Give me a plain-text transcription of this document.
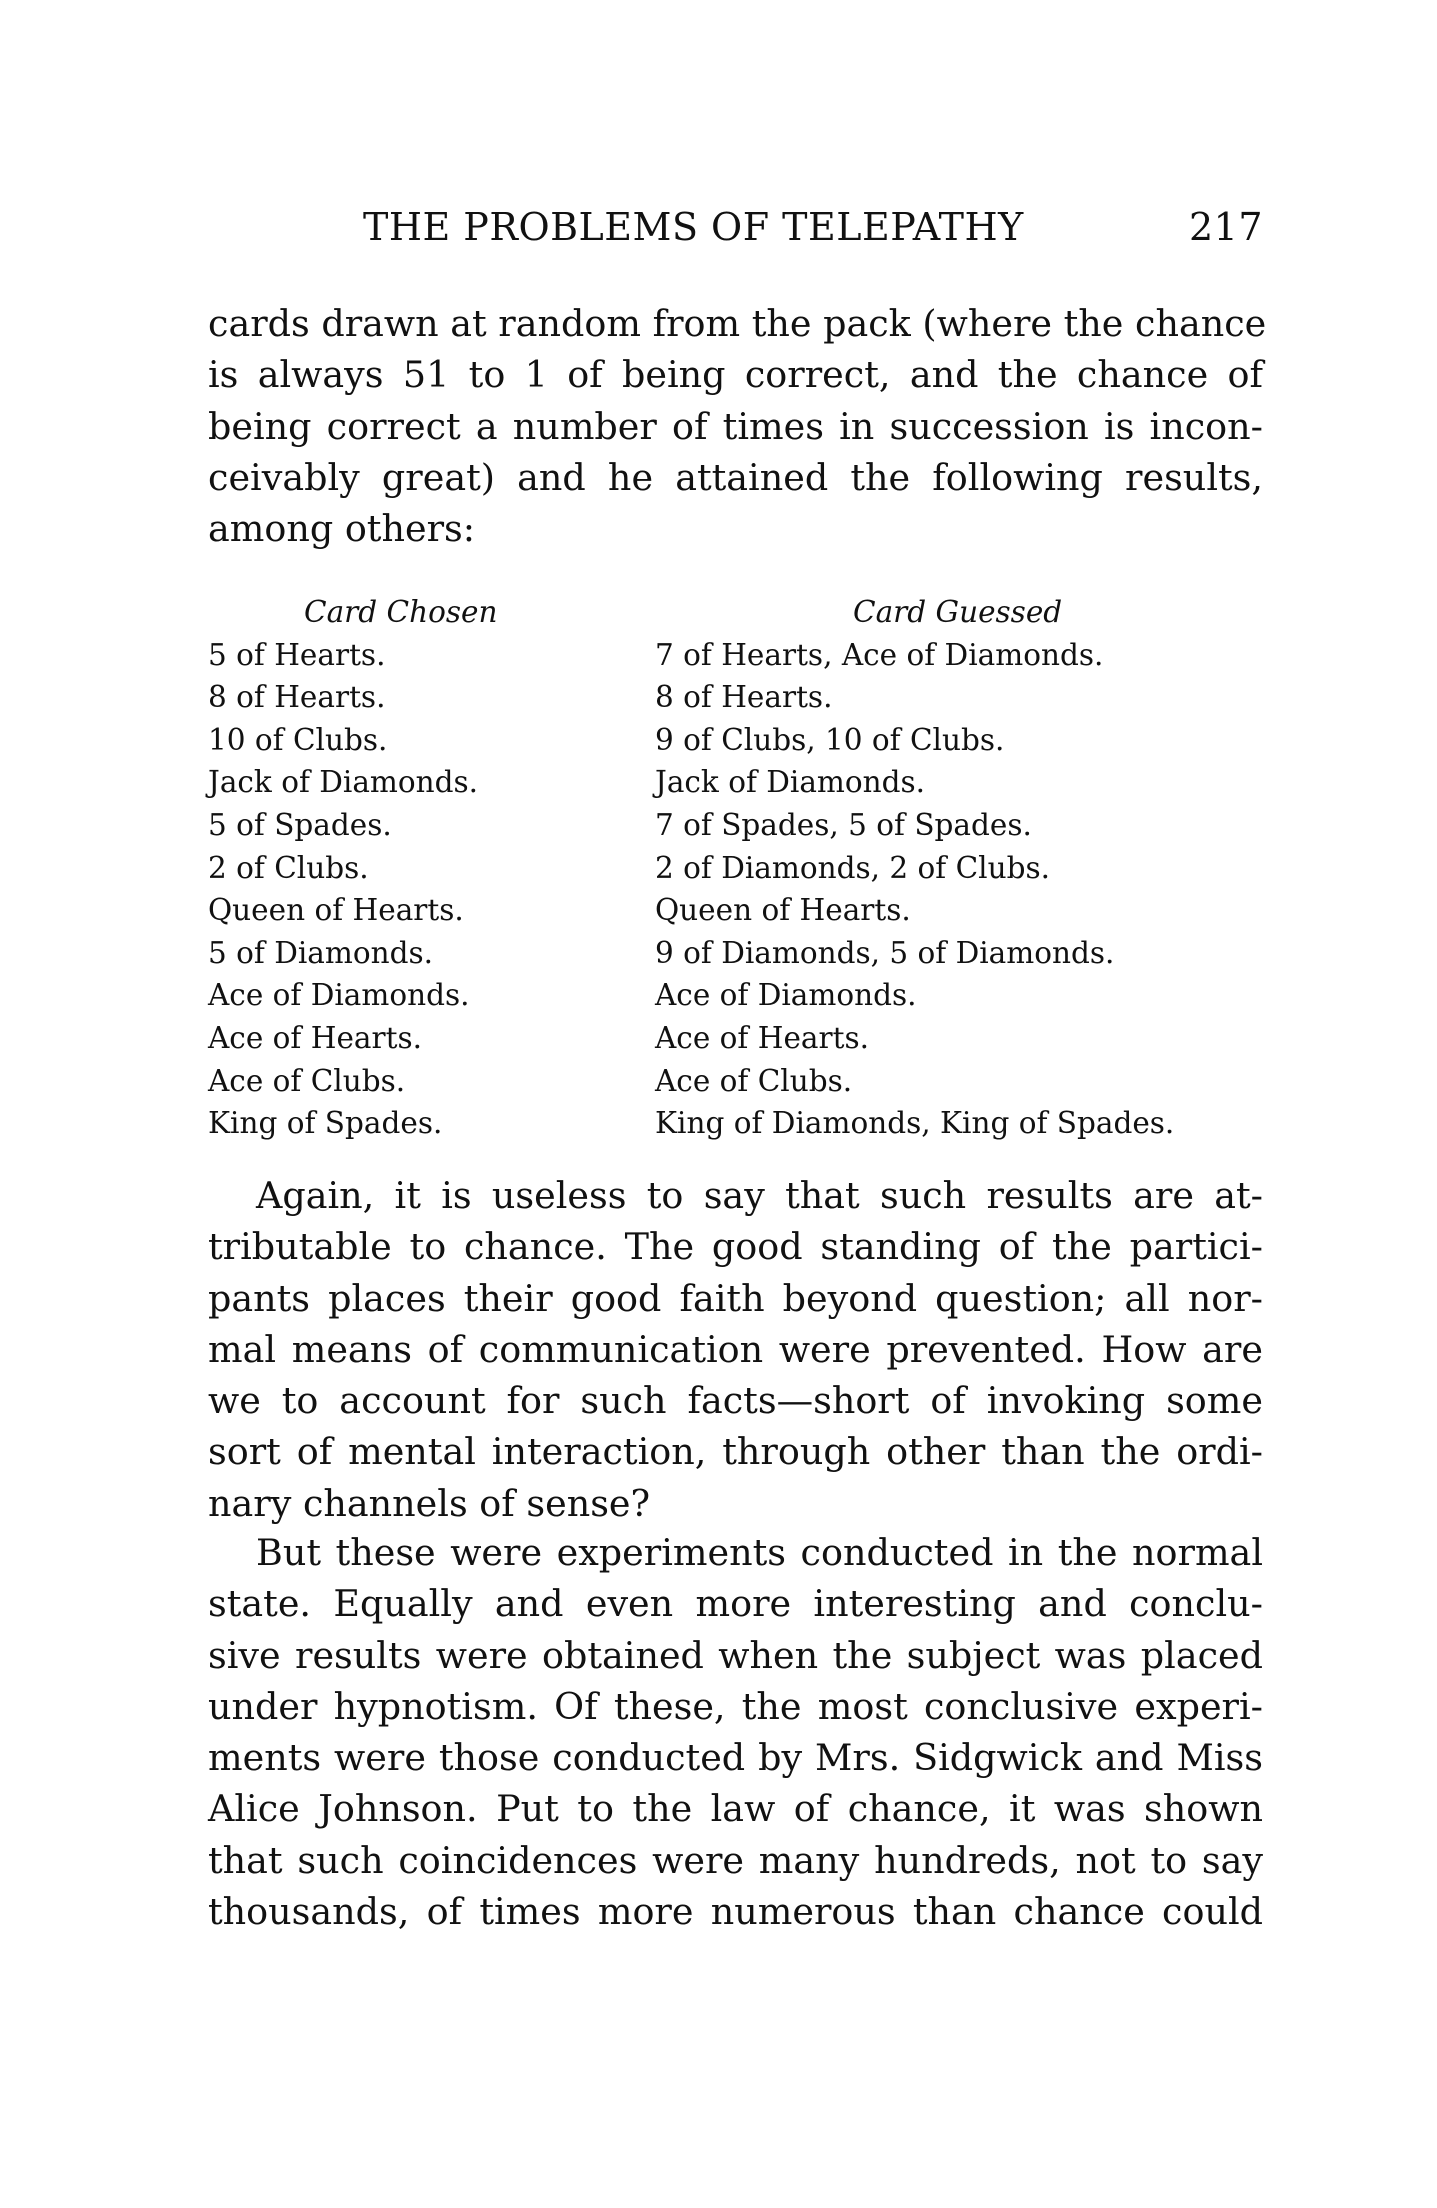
THE PROBLEMS OF TELEPATHY	217
cards drawn at random from the pack (where the chance
is always 51 to 1 of being correct, and the chance of
being correct a number of times in succession is incon-
ceivably great) and he attained the following results,
among others:
Card Chosen	Card Guessed
5 of Hearts.	7 of Hearts, Ace of Diamonds.
8 of Hearts.	8 of Hearts.
10 of Clubs.	9 of Clubs, 10 of Clubs.
Jack of Diamonds.	Jack of Diamonds.
5 of Spades.	7 of Spades, 5 of Spades.
2 of Clubs.	2 of Diamonds, 2 of Clubs.
Queen of Hearts.	Queen of Hearts.
5 of Diamonds.	9 of Diamonds, 5 of Diamonds.
Ace of Diamonds.	Ace of Diamonds.
Ace of Hearts.	Ace of Hearts.
Ace of Clubs.	Ace of Clubs.
King of Spades.	King of Diamonds, King of Spades.
Again, it is useless to say that such results are at-
tributable to chance. The good standing of the partici-
pants places their good faith beyond question; all nor-
mal means of communication were prevented. How are
we to account for such facts—short of invoking some
sort of mental interaction, through other than the ordi-
nary channels of sense?
But these were experiments conducted in the normal
state. Equally and even more interesting and conclu-
sive results were obtained when the subject was placed
under hypnotism. Of these, the most conclusive experi-
ments were those conducted by Mrs. Sidgwick and Miss
Alice Johnson. Put to the law of chance, it was shown
that such coincidences were many hundreds, not to say
thousands, of times more numerous than chance could
